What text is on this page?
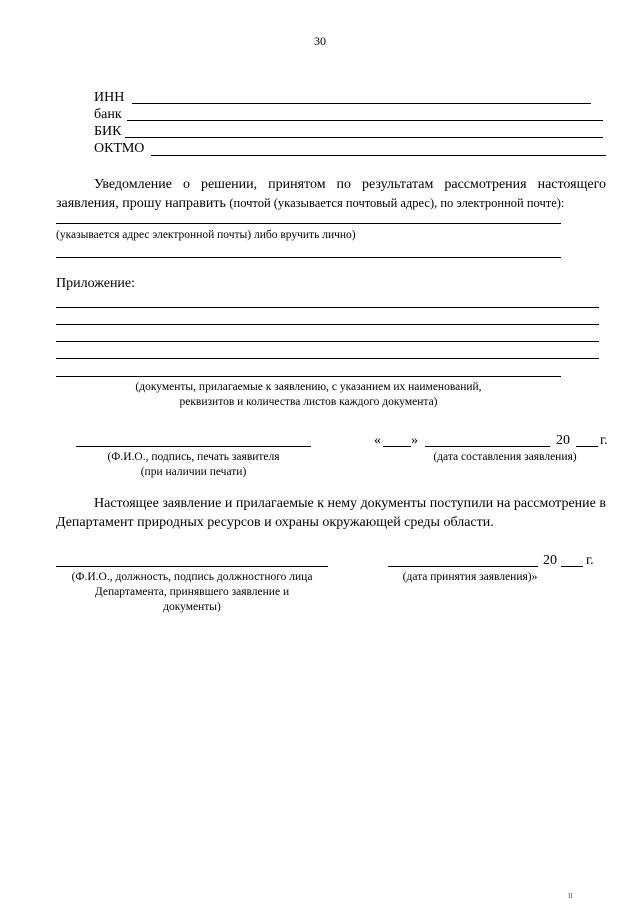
30
ИНН
банк
БИК
ОКТМО
Уведомление о решении, принятом по результатам рассмотрения настоящего заявления, прошу направить (почтой (указывается почтовый адрес), по электронной почте):
(указывается адрес электронной почты) либо вручить лично)
Приложение:
(документы, прилагаемые к заявлению, с указанием их наименований,
реквизитов и количества листов каждого документа)
(Ф.И.О., подпись, печать заявителя
(при наличии печати)
« »	20 г.
(дата составления заявления)
Настоящее заявление и прилагаемые к нему документы поступили на рассмотрение в Департамент природных ресурсов и охраны окружающей среды области.
(Ф.И.О., должность, подпись должностного лица
Департамента, принявшего заявление и
документы)
20 г.
(дата принятия заявления)»
II
